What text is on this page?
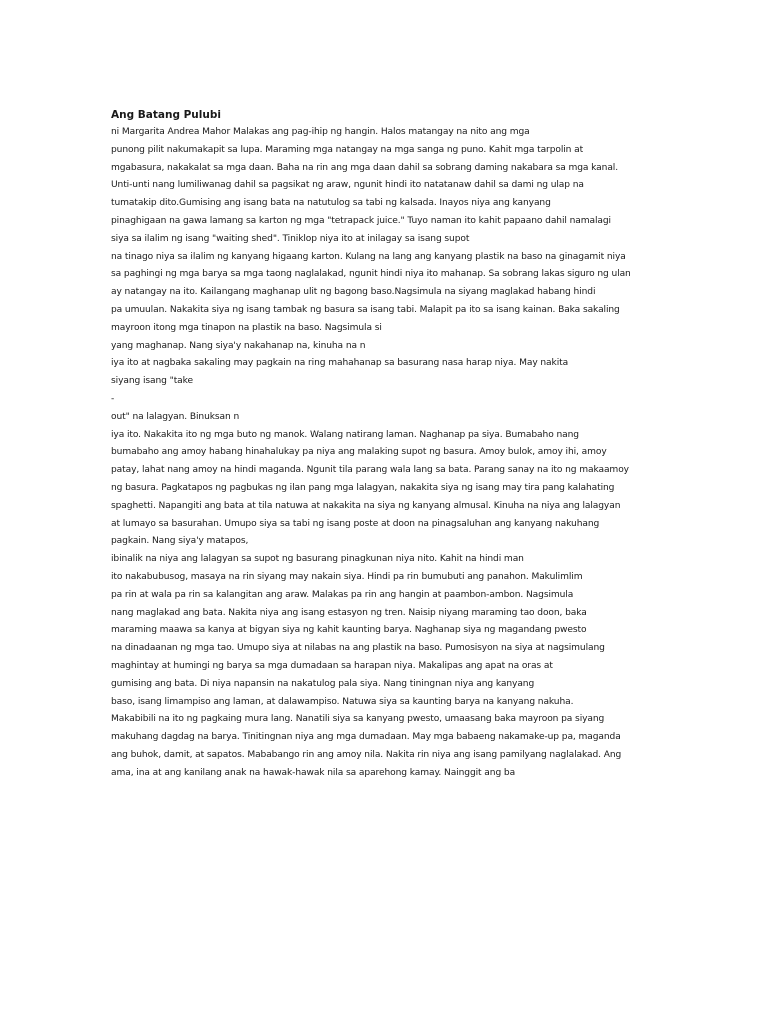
Ang Batang Pulubi
ni Margarita Andrea Mahor Malakas ang pag-ihip ng hangin. Halos matangay na nito ang mga
punong pilit nakumakapit sa lupa. Maraming mga natangay na mga sanga ng puno. Kahit mga tarpolin at
mgabasura, nakakalat sa mga daan. Baha na rin ang mga daan dahil sa sobrang daming nakabara sa mga kanal.
Unti-unti nang lumiliwanag dahil sa pagsikat ng araw, ngunit hindi ito natatanaw dahil sa dami ng ulap na
tumatakip dito.Gumising ang isang bata na natutulog sa tabi ng kalsada. Inayos niya ang kanyang
pinaghigaan na gawa lamang sa karton ng mga "tetrapack juice." Tuyo naman ito kahit papaano dahil namalagi
siya sa ilalim ng isang "waiting shed". Tiniklop niya ito at inilagay sa isang supot
na tinago niya sa ilalim ng kanyang higaang karton. Kulang na lang ang kanyang plastik na baso na ginagamit niya
sa paghingi ng mga barya sa mga taong naglalakad, ngunit hindi niya ito mahanap. Sa sobrang lakas siguro ng ulan
ay natangay na ito. Kailangang maghanap ulit ng bagong baso.Nagsimula na siyang maglakad habang hindi
pa umuulan. Nakakita siya ng isang tambak ng basura sa isang tabi. Malapit pa ito sa isang kainan. Baka sakaling
mayroon itong mga tinapon na plastik na baso. Nagsimula si
yang maghanap. Nang siya'y nakahanap na, kinuha na n
iya ito at nagbaka sakaling may pagkain na ring mahahanap sa basurang nasa harap niya. May nakita
siyang isang "take
-
out" na lalagyan. Binuksan n
iya ito. Nakakita ito ng mga buto ng manok. Walang natirang laman. Naghanap pa siya. Bumabaho nang
bumabaho ang amoy habang hinahalukay pa niya ang malaking supot ng basura. Amoy bulok, amoy ihi, amoy
patay, lahat nang amoy na hindi maganda. Ngunit tila parang wala lang sa bata. Parang sanay na ito ng makaamoy
ng basura. Pagkatapos ng pagbukas ng ilan pang mga lalagyan, nakakita siya ng isang may tira pang kalahating
spaghetti. Napangiti ang bata at tila natuwa at nakakita na siya ng kanyang almusal. Kinuha na niya ang lalagyan
at lumayo sa basurahan. Umupo siya sa tabi ng isang poste at doon na pinagsaluhan ang kanyang nakuhang
pagkain. Nang siya'y matapos,
ibinalik na niya ang lalagyan sa supot ng basurang pinagkunan niya nito. Kahit na hindi man
ito nakabubusog, masaya na rin siyang may nakain siya. Hindi pa rin bumubuti ang panahon. Makulimlim
pa rin at wala pa rin sa kalangitan ang araw. Malakas pa rin ang hangin at paambon-ambon. Nagsimula
nang maglakad ang bata. Nakita niya ang isang estasyon ng tren. Naisip niyang maraming tao doon, baka
maraming maawa sa kanya at bigyan siya ng kahit kaunting barya. Naghanap siya ng magandang pwesto
na dinadaanan ng mga tao. Umupo siya at nilabas na ang plastik na baso. Pumosisyon na siya at nagsimulang
maghintay at humingi ng barya sa mga dumadaan sa harapan niya. Makalipas ang apat na oras at
gumising ang bata. Di niya napansin na nakatulog pala siya. Nang tiningnan niya ang kanyang
baso, isang limampiso ang laman, at dalawampiso. Natuwa siya sa kaunting barya na kanyang nakuha.
Makabibili na ito ng pagkaing mura lang. Nanatili siya sa kanyang pwesto, umaasang baka mayroon pa siyang
makuhang dagdag na barya. Tinitingnan niya ang mga dumadaan. May mga babaeng nakamake-up pa, maganda
ang buhok, damit, at sapatos. Mababango rin ang amoy nila. Nakita rin niya ang isang pamilyang naglalakad. Ang
ama, ina at ang kanilang anak na hawak-hawak nila sa aparehong kamay. Nainggit ang ba
